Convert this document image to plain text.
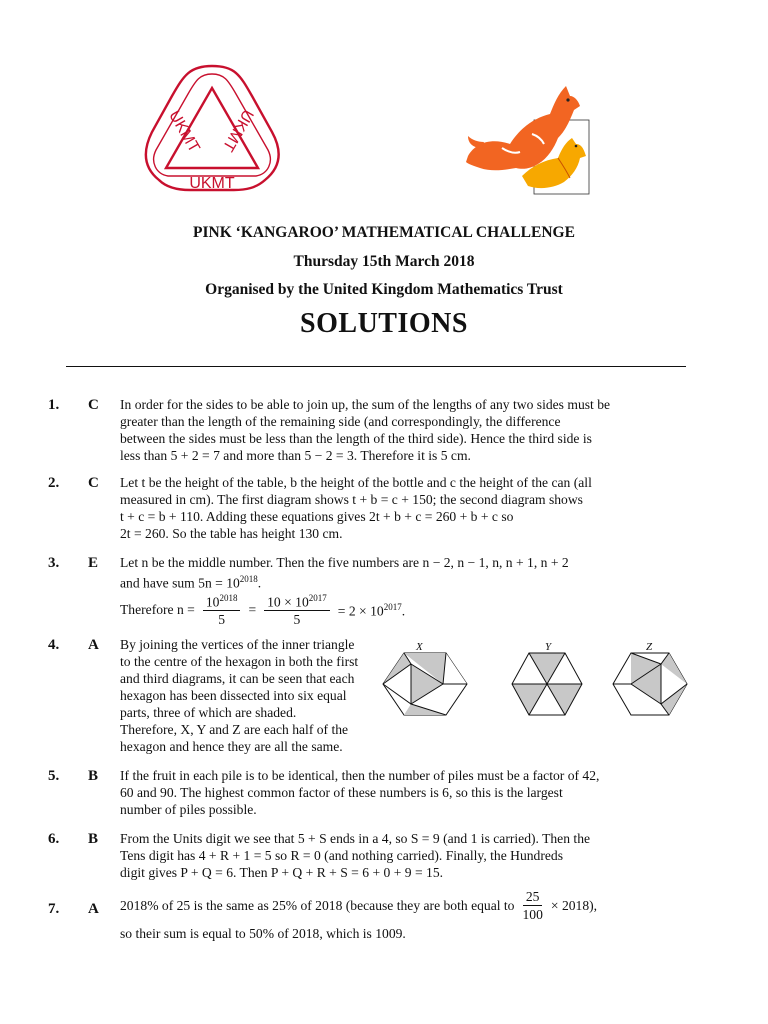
UKMT UKMT
UKMT
PINK ‘KANGAROO’ MATHEMATICAL CHALLENGE
Thursday 15th March 2018
Organised by the United Kingdom Mathematics Trust
SOLUTIONS
1. C In order for the sides to be able to join up, the sum of the lengths of any two sides must be
greater than the length of the remaining side (and correspondingly, the difference
between the sides must be less than the length of the third side). Hence the third side is
less than 5 + 2 = 7 and more than 5 − 2 = 3. Therefore it is 5 cm.
2. C Let t be the height of the table, b the height of the bottle and c the height of the can (all
measured in cm). The first diagram shows t + b = c + 150; the second diagram shows
t + c = b + 110. Adding these equations gives 2t + b + c = 260 + b + c so
2t = 260. So the table has height 130 cm.
3. E Let n be the middle number. Then the five numbers are n − 2, n − 1, n, n + 1, n + 2
and have sum $5n = 10^{2018}$.
Therefore $n = \frac{10^{2018}}{5} = \frac{10 \times 10^{2017}}{5} = 2 \times 10^{2017}$.
4. A By joining the vertices of the inner triangle
to the centre of the hexagon in both the first
and third diagrams, it can be seen that each
hexagon has been dissected into six equal
parts, three of which are shaded.
Therefore, X, Y and Z are each half of the
hexagon and hence they are all the same.
X	Y	Z
5. B If the fruit in each pile is to be identical, then the number of piles must be a factor of 42,
60 and 90. The highest common factor of these numbers is 6, so this is the largest
number of piles possible.
6. B From the Units digit we see that 5 + S ends in a 4, so S = 9 (and 1 is carried). Then the
Tens digit has 4 + R + 1 = 5 so R = 0 (and nothing carried). Finally, the Hundreds
digit gives P + Q = 6. Then P + Q + R + S = 6 + 0 + 9 = 15.
7. A 2018% of 25 is the same as 25% of 2018 (because they are both equal to $\frac{25}{100} \times 2018$),
so their sum is equal to 50% of 2018, which is 1009.
